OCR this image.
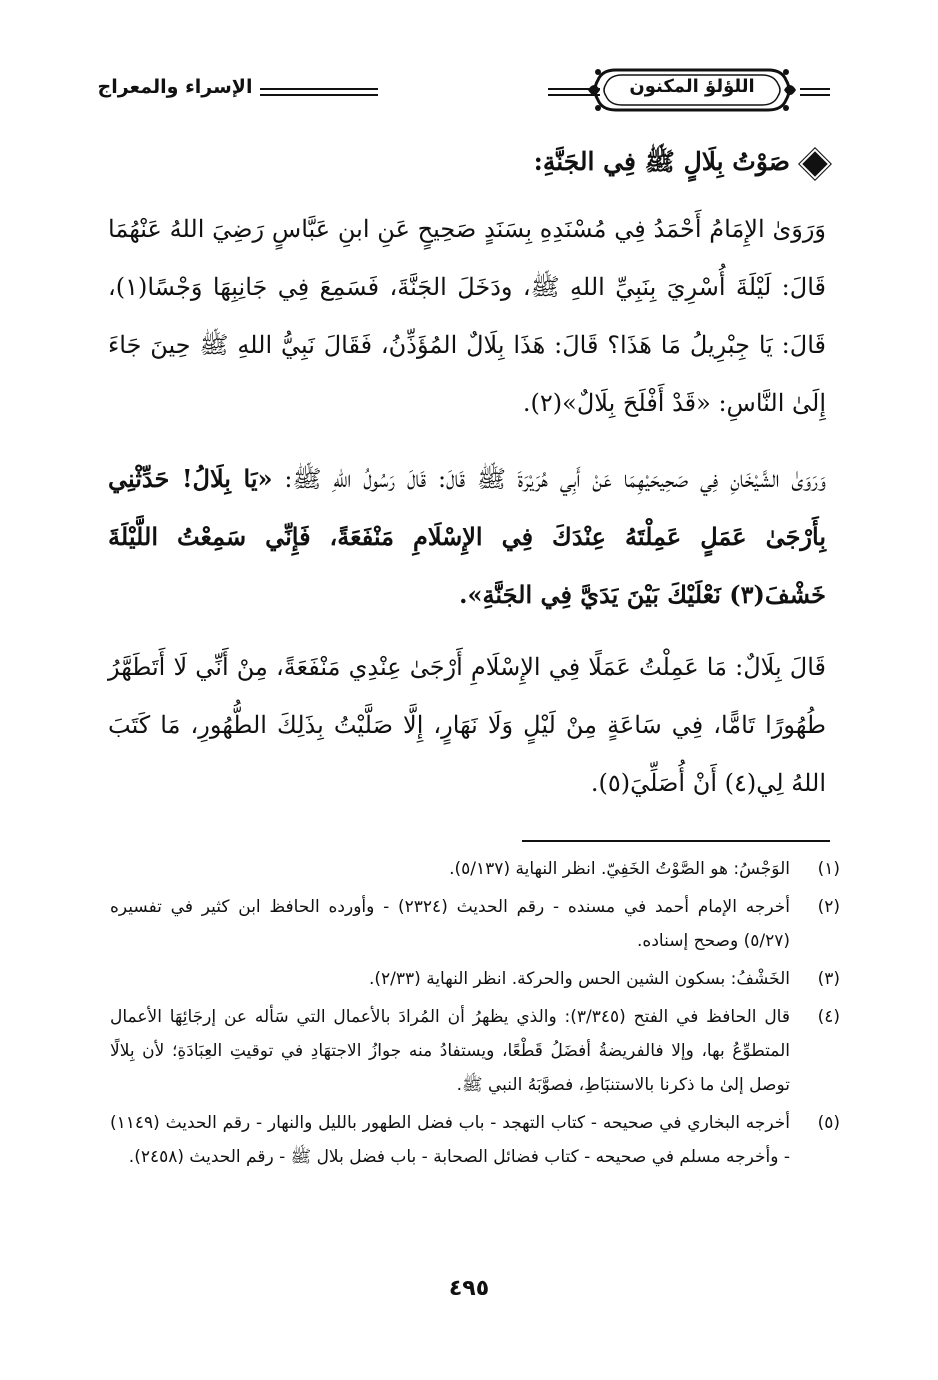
الإسراء والمعراج	اللؤلؤ المكنون
صَوْتُ بِلَالٍ ﷺ فِي الجَنَّةِ:
وَرَوَىٰ الإِمَامُ أَحْمَدُ فِي مُسْنَدِهِ بِسَنَدٍ صَحِيحٍ عَنِ ابنِ عَبَّاسٍ رَضِيَ اللهُ عَنْهُمَا قَالَ: لَيْلَةَ أُسْرِيَ بِنَبِيِّ اللهِ ﷺ، ودَخَلَ الجَنَّةَ، فَسَمِعَ فِي جَانِبِهَا وَجْسًا(١)، قَالَ: يَا جِبْرِيلُ مَا هَذَا؟ قَالَ: هَذَا بِلَالٌ المُؤَذِّنُ، فَقَالَ نَبِيُّ اللهِ ﷺ حِينَ جَاءَ إِلَىٰ النَّاسِ: «قَدْ أَفْلَحَ بِلَالٌ»(٢).
وَرَوَىٰ الشَّيْخَانِ فِي صَحِيحَيْهِمَا عَنْ أَبِي هُرَيْرَةَ ﷺ قَالَ: قَالَ رَسُولُ اللهِ ﷺ: «يَا بِلَالُ! حَدِّثْنِي بِأَرْجَىٰ عَمَلٍ عَمِلْتَهُ عِنْدَكَ فِي الإِسْلَامِ مَنْفَعَةً، فَإِنِّي سَمِعْتُ اللَّيْلَةَ خَشْفَ(٣) نَعْلَيْكَ بَيْنَ يَدَيَّ فِي الجَنَّةِ».
قَالَ بِلَالٌ: مَا عَمِلْتُ عَمَلًا فِي الإِسْلَامِ أَرْجَىٰ عِنْدِي مَنْفَعَةً، مِنْ أَنِّي لَا أَتَطَهَّرُ طُهُورًا تَامًّا، فِي سَاعَةٍ مِنْ لَيْلٍ وَلَا نَهَارٍ، إِلَّا صَلَّيْتُ بِذَلِكَ الطُّهُورِ، مَا كَتَبَ اللهُ لِي(٤) أَنْ أُصَلِّيَ(٥).
(١)
الوَجْسُ: هو الصَّوْتُ الخَفِيّ. انظر النهاية (٥/١٣٧).
(٢)
أخرجه الإمام أحمد في مسنده - رقم الحديث (٢٣٢٤) - وأورده الحافظ ابن كثير في تفسيره (٥/٢٧) وصحح إسناده.
(٣)
الخَشْفُ: بسكون الشين الحس والحركة. انظر النهاية (٢/٣٣).
(٤)
قال الحافظ في الفتح (٣/٣٤٥): والذي يظهرُ أن المُرادَ بالأعمال التي سَأله عن إرجَائِهَا الأعمال المتطوِّعُ بها، وإلا فالفريضةُ أفضَلُ قَطْعًا، ويستفادُ منه جوازُ الاجتهَادِ في توقيتِ العِبَادَةِ؛ لأن بِلالًا توصل إلىٰ ما ذكرنا بالاستنبَاطِ، فصوَّبَهُ النبي ﷺ.
(٥)
أخرجه البخاري في صحيحه - كتاب التهجد - باب فضل الطهور بالليل والنهار - رقم الحديث (١١٤٩) - وأخرجه مسلم في صحيحه - كتاب فضائل الصحابة - باب فضل بلال ﷺ - رقم الحديث (٢٤٥٨).
٤٩٥
